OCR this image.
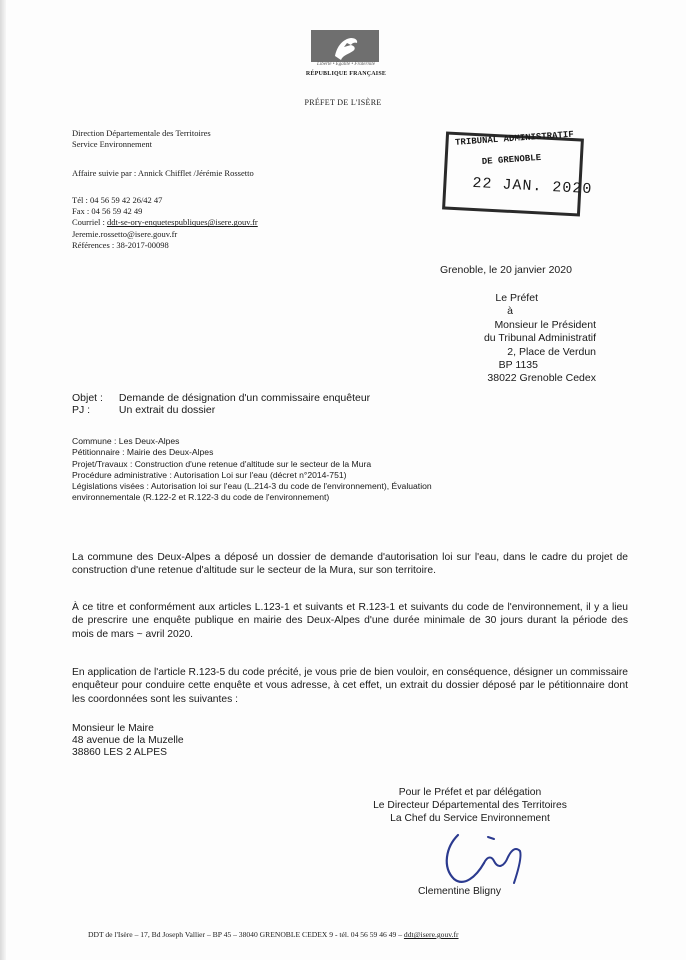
Liberté • Égalité • Fraternité
RÉPUBLIQUE FRANÇAISE
PRÉFET DE L'ISÈRE
Direction Départementale des Territoires
Service Environnement
Affaire suivie par : Annick Chifflet /Jérémie Rossetto
Tél : 04 56 59 42 26/42 47
Fax : 04 56 59 42 49
Courriel : ddt-se-ory-enquetespubliques@isere.gouv.fr
Jeremie.rossetto@isere.gouv.fr
Références : 38-2017-00098
TRIBUNAL ADMINISTRATIF
DE GRENOBLE
22 JAN. 2020
Grenoble, le 20 janvier 2020
Le Préfet
à
Monsieur le Président
du Tribunal Administratif
2, Place de Verdun
BP 1135
38022 Grenoble Cedex
Objet : Demande de désignation d'un commissaire enquêteur
PJ :	Un extrait du dossier
Commune : Les Deux-Alpes
Pétitionnaire : Mairie des Deux-Alpes
Projet/Travaux : Construction d'une retenue d'altitude sur le secteur de la Mura
Procédure administrative : Autorisation Loi sur l'eau (décret n°2014-751)
Législations visées : Autorisation loi sur l'eau (L.214-3 du code de l'environnement), Évaluation
environnementale (R.122-2 et R.122-3 du code de l'environnement)
La commune des Deux-Alpes a déposé un dossier de demande d'autorisation loi sur l'eau, dans le cadre du projet de construction d'une retenue d'altitude sur le secteur de la Mura, sur son territoire.
À ce titre et conformément aux articles L.123-1 et suivants et R.123-1 et suivants du code de l'environnement, il y a lieu de prescrire une enquête publique en mairie des Deux-Alpes d'une durée minimale de 30 jours durant la période des mois de mars ~ avril 2020.
En application de l'article R.123-5 du code précité, je vous prie de bien vouloir, en conséquence, désigner un commissaire enquêteur pour conduire cette enquête et vous adresse, à cet effet, un extrait du dossier déposé par le pétitionnaire dont les coordonnées sont les suivantes :
Monsieur le Maire
48 avenue de la Muzelle
38860 LES 2 ALPES
Pour le Préfet et par délégation
Le Directeur Départemental des Territoires
La Chef du Service Environnement
Clementine Bligny
DDT de l'Isère – 17, Bd Joseph Vallier – BP 45 – 38040 GRENOBLE CEDEX 9 - tél. 04 56 59 46 49 – ddt@isere.gouv.fr
